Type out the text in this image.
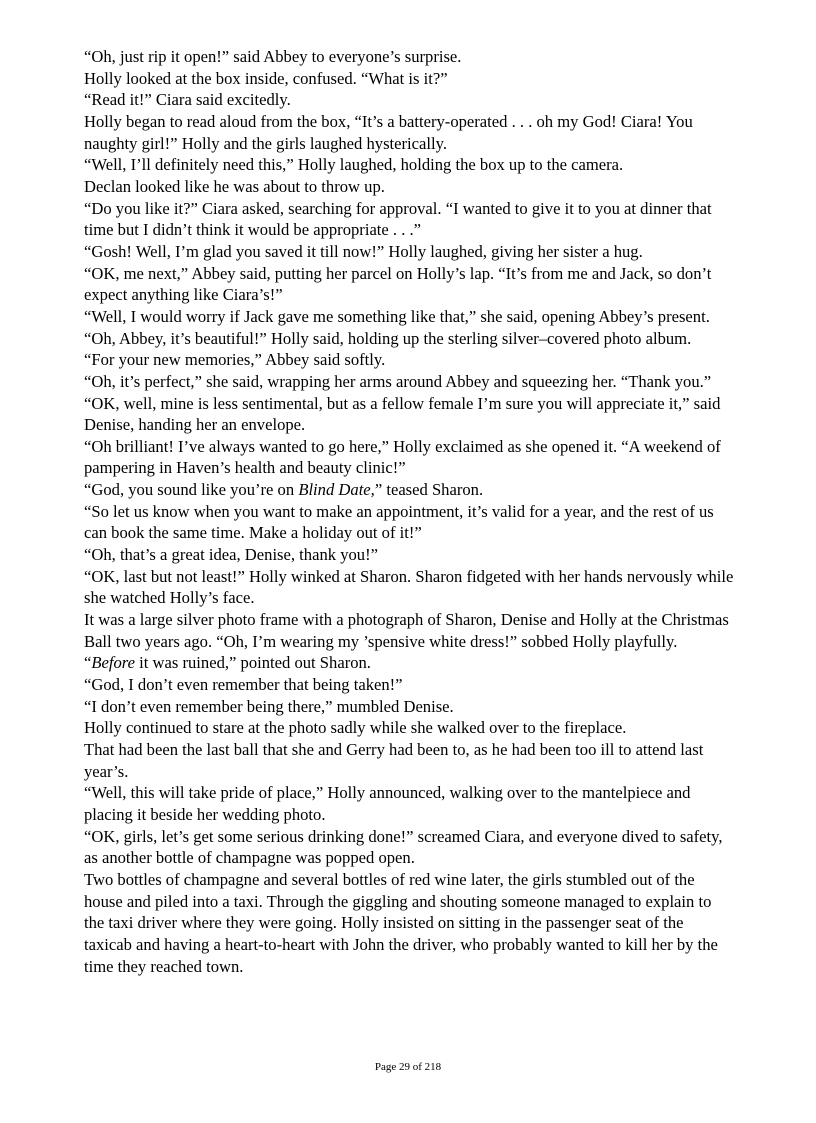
“Oh, just rip it open!” said Abbey to everyone’s surprise.

Holly looked at the box inside, confused. “What is it?”

“Read it!” Ciara said excitedly.

Holly began to read aloud from the box, “It’s a battery-operated . . . oh my God! Ciara! You naughty girl!” Holly and the girls laughed hysterically.

“Well, I’ll definitely need this,” Holly laughed, holding the box up to the camera.

Declan looked like he was about to throw up.

“Do you like it?” Ciara asked, searching for approval. “I wanted to give it to you at dinner that time but I didn’t think it would be appropriate . . .”

“Gosh! Well, I’m glad you saved it till now!” Holly laughed, giving her sister a hug.

“OK, me next,” Abbey said, putting her parcel on Holly’s lap. “It’s from me and Jack, so don’t expect anything like Ciara’s!”

“Well, I would worry if Jack gave me something like that,” she said, opening Abbey’s present. “Oh, Abbey, it’s beautiful!” Holly said, holding up the sterling silver–covered photo album.

“For your new memories,” Abbey said softly.

“Oh, it’s perfect,” she said, wrapping her arms around Abbey and squeezing her. “Thank you.”

“OK, well, mine is less sentimental, but as a fellow female I’m sure you will appreciate it,” said Denise, handing her an envelope.

“Oh brilliant! I’ve always wanted to go here,” Holly exclaimed as she opened it. “A weekend of pampering in Haven’s health and beauty clinic!”

“God, you sound like you’re on Blind Date,” teased Sharon.

“So let us know when you want to make an appointment, it’s valid for a year, and the rest of us can book the same time. Make a holiday out of it!”

“Oh, that’s a great idea, Denise, thank you!”

“OK, last but not least!” Holly winked at Sharon. Sharon fidgeted with her hands nervously while she watched Holly’s face.

It was a large silver photo frame with a photograph of Sharon, Denise and Holly at the Christmas Ball two years ago. “Oh, I’m wearing my ’spensive white dress!” sobbed Holly playfully.

“Before it was ruined,” pointed out Sharon.

“God, I don’t even remember that being taken!”

“I don’t even remember being there,” mumbled Denise.

Holly continued to stare at the photo sadly while she walked over to the fireplace.

That had been the last ball that she and Gerry had been to, as he had been too ill to attend last year’s.

“Well, this will take pride of place,” Holly announced, walking over to the mantelpiece and placing it beside her wedding photo.

“OK, girls, let’s get some serious drinking done!” screamed Ciara, and everyone dived to safety, as another bottle of champagne was popped open.

Two bottles of champagne and several bottles of red wine later, the girls stumbled out of the house and piled into a taxi. Through the giggling and shouting someone managed to explain to the taxi driver where they were going. Holly insisted on sitting in the passenger seat of the taxicab and having a heart-to-heart with John the driver, who probably wanted to kill her by the time they reached town.

Page 29 of 218
